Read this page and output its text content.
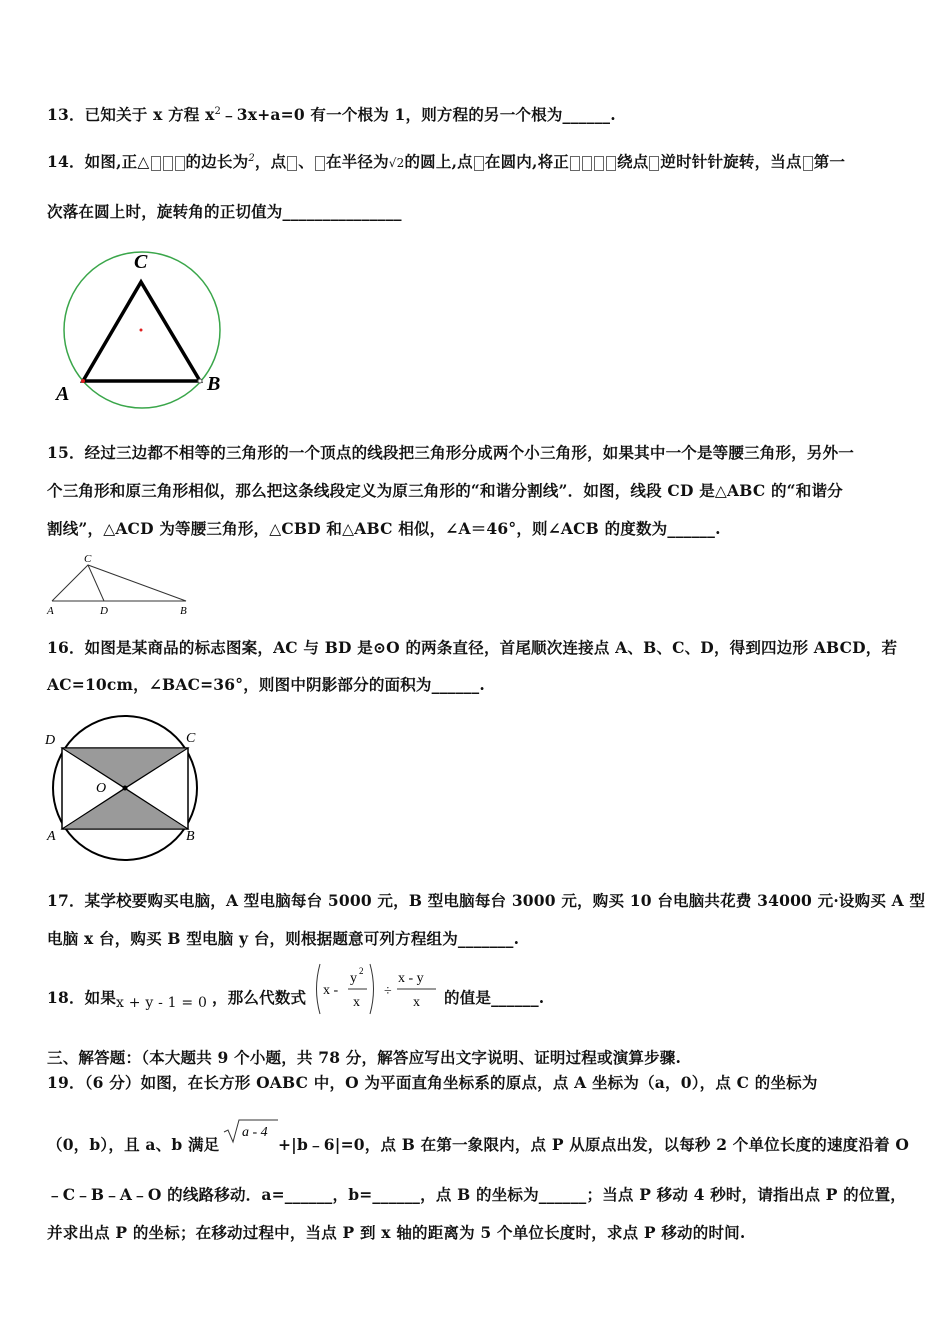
13．已知关于 x 方程 $x^2﹣3x+a=0$ 有一个根为 1，则方程的另一个根为______.
14．如图,正△ 的边长为$^2$，点 、 在半径为√2的圆上,点 在圆内,将正	绕点 逆时针针旋转，当点 第一
次落在圆上时，旋转角的正切值为_______________
C
A	B
15．经过三边都不相等的三角形的一个顶点的线段把三角形分成两个小三角形，如果其中一个是等腰三角形，另外一
个三角形和原三角形相似，那么把这条线段定义为原三角形的“和谐分割线”．如图，线段 CD 是△ABC 的“和谐分
割线”，△ACD 为等腰三角形，△CBD 和△ABC 相似，∠A＝46°，则∠ACB 的度数为______.
C
A	D	B
16．如图是某商品的标志图案，AC 与 BD 是⊙O 的两条直径，首尾顺次连接点 A、B、C、D，得到四边形 ABCD，若
AC=10cm，∠BAC=36°，则图中阴影部分的面积为______.
D	C
O
A	B
17．某学校要购买电脑，A 型电脑每台 5000 元，B 型电脑每台 3000 元，购买 10 台电脑共花费 34000 元·设购买 A 型
电脑 x 台，购买 B 型电脑 y 台，则根据题意可列方程组为_______.
18．如果 x + y - 1 = 0 ，那么代数式 x -
y 2
x
÷
x - y
x 的值是______.
三、解答题：（本大题共 9 个小题，共 78 分，解答应写出文字说明、证明过程或演算步骤.
19．（6 分）如图，在长方形 OABC 中，O 为平面直角坐标系的原点，点 A 坐标为（a，0），点 C 的坐标为
（0，b），且 a、b 满足
a - 4
+|b﹣6|=0，点 B 在第一象限内，点 P 从原点出发，以每秒 2 个单位长度的速度沿着 O
﹣C﹣B﹣A﹣O 的线路移动．a=______，b=______，点 B 的坐标为______；当点 P 移动 4 秒时，请指出点 P 的位置，
并求出点 P 的坐标；在移动过程中，当点 P 到 x 轴的距离为 5 个单位长度时，求点 P 移动的时间.
